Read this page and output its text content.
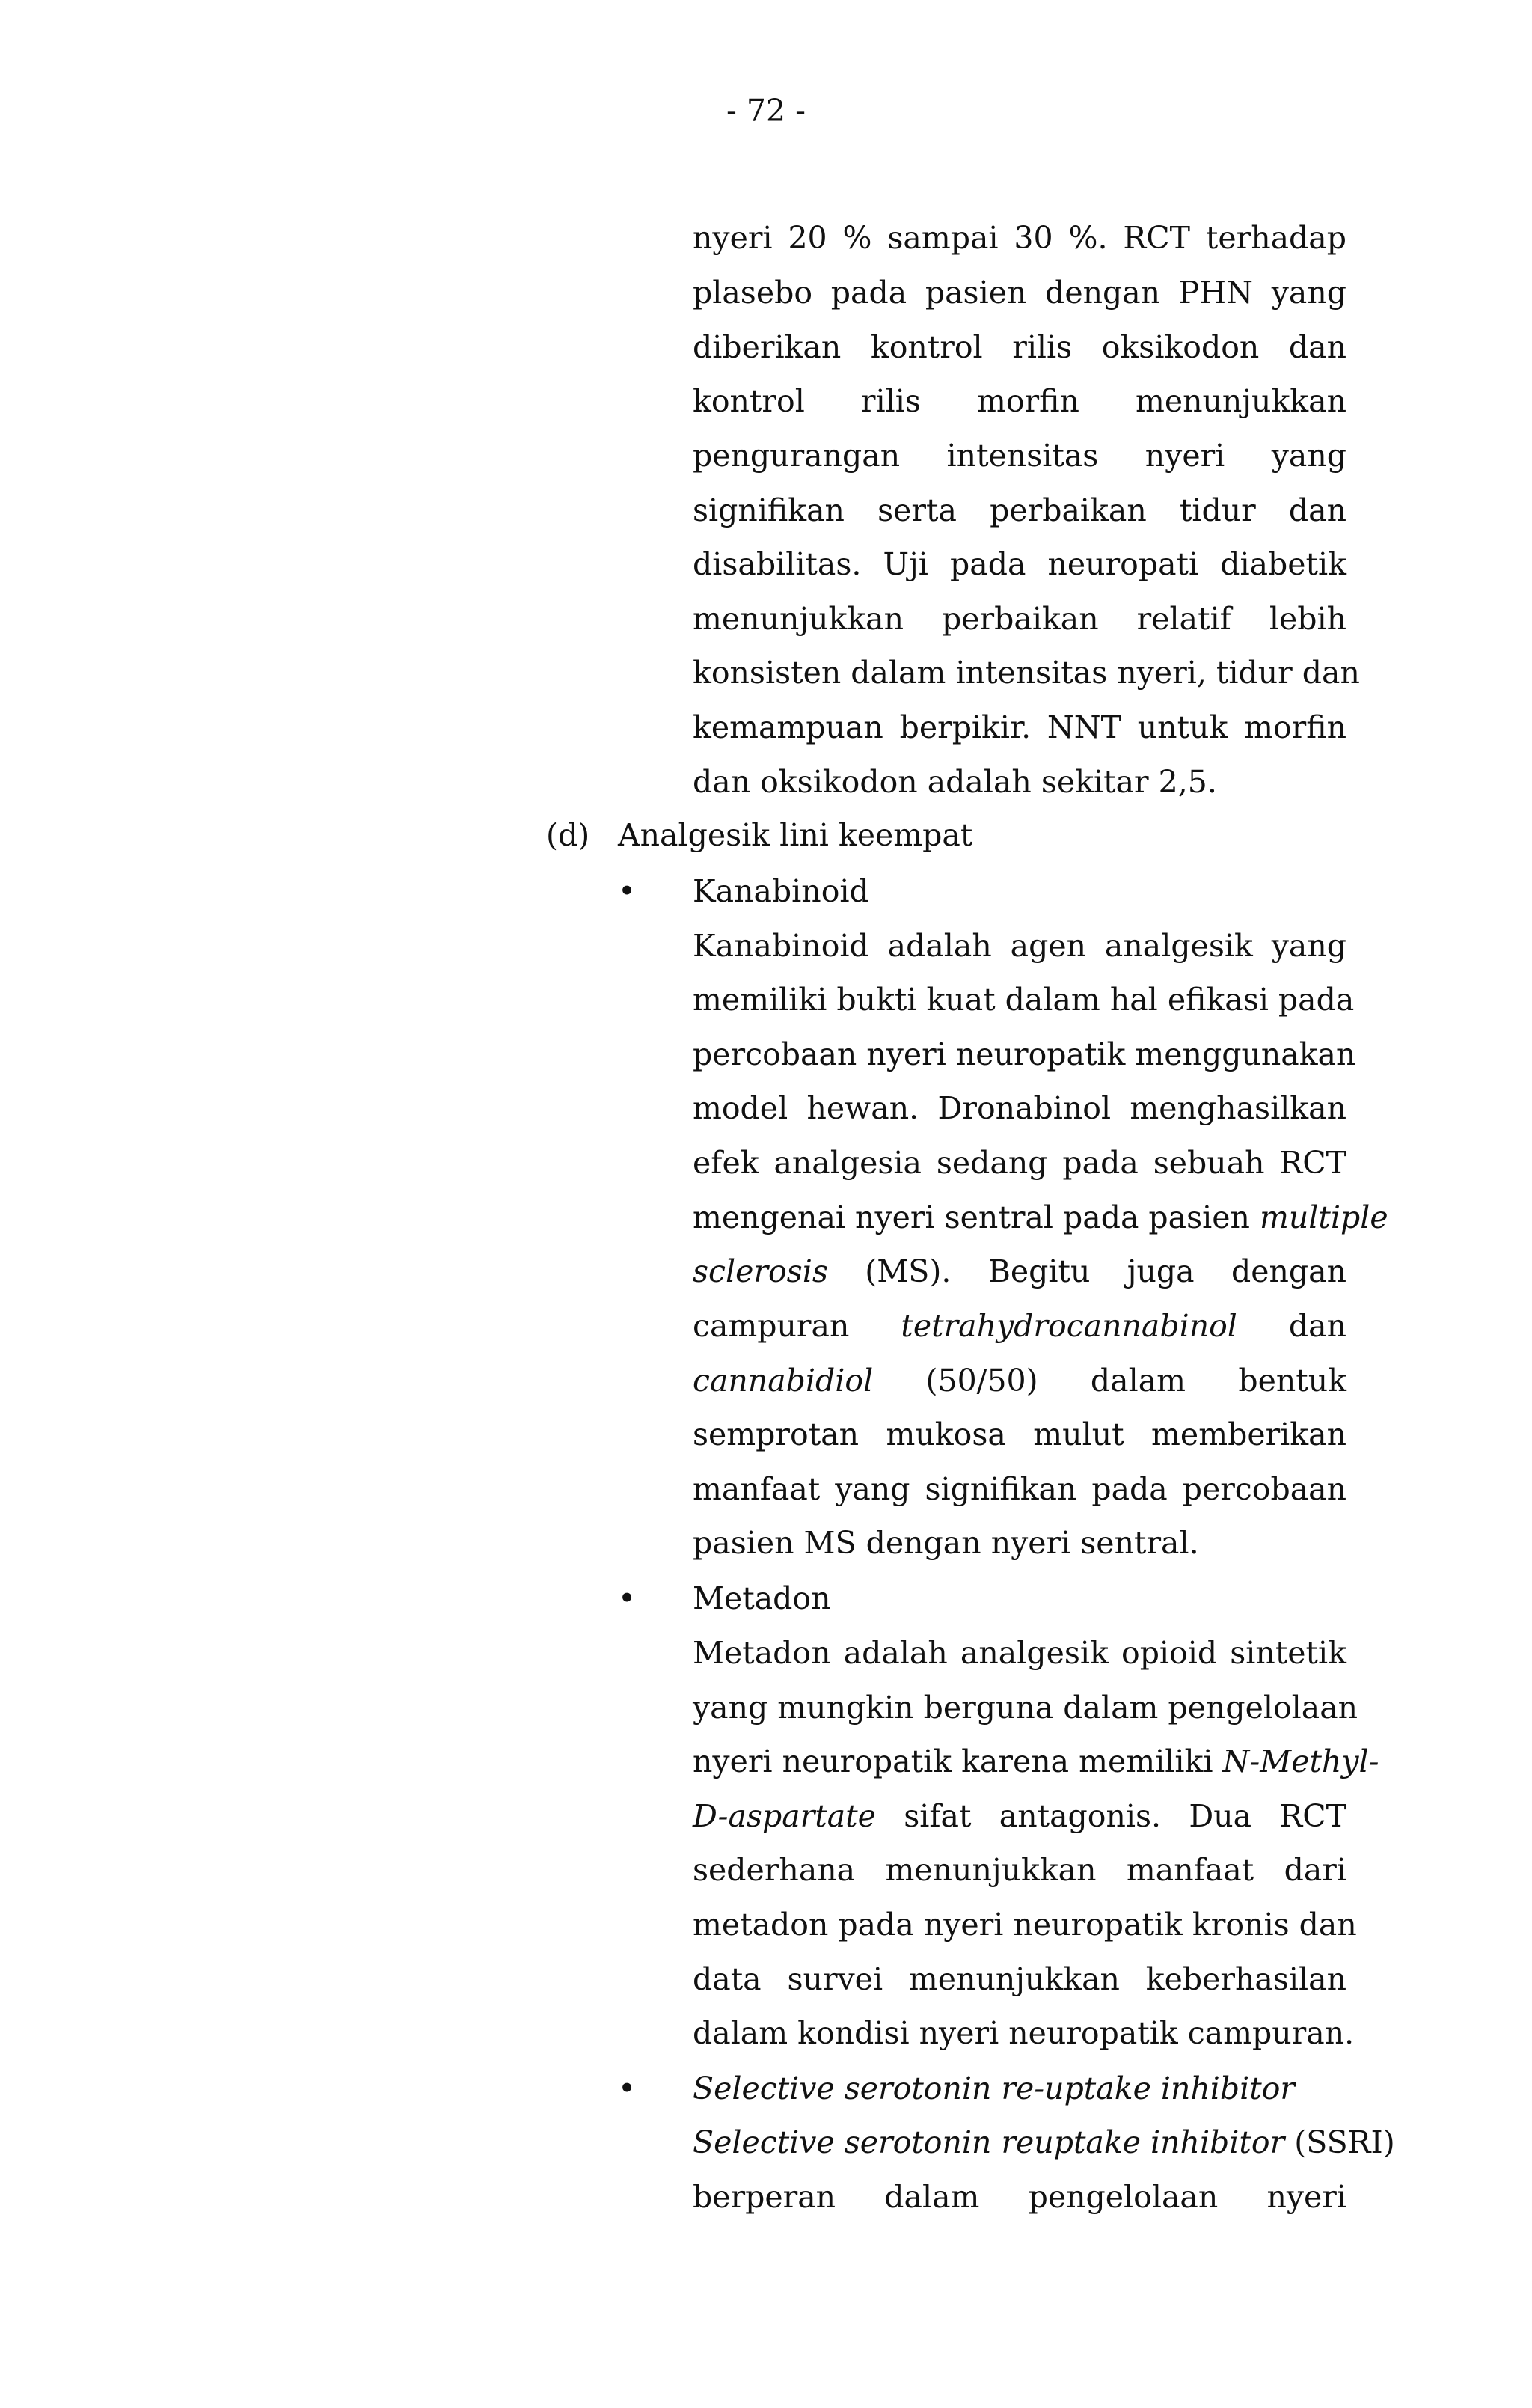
- 72 -
nyeri 20 % sampai 30 %. RCT terhadap
plasebo pada pasien dengan PHN yang
diberikan kontrol rilis oksikodon dan
kontrol rilis morfin menunjukkan
pengurangan intensitas nyeri yang
signifikan serta perbaikan tidur dan
disabilitas. Uji pada neuropati diabetik
menunjukkan perbaikan relatif lebih
konsisten dalam intensitas nyeri, tidur dan
kemampuan berpikir. NNT untuk morfin
dan oksikodon adalah sekitar 2,5.
(d) Analgesik lini keempat
• Kanabinoid
Kanabinoid adalah agen analgesik yang
memiliki bukti kuat dalam hal efikasi pada
percobaan nyeri neuropatik menggunakan
model hewan. Dronabinol menghasilkan
efek analgesia sedang pada sebuah RCT
mengenai nyeri sentral pada pasien multiple
sclerosis (MS). Begitu juga dengan
campuran tetrahydrocannabinol dan
cannabidiol (50/50) dalam bentuk
semprotan mukosa mulut memberikan
manfaat yang signifikan pada percobaan
pasien MS dengan nyeri sentral.
• Metadon
Metadon adalah analgesik opioid sintetik
yang mungkin berguna dalam pengelolaan
nyeri neuropatik karena memiliki N-Methyl-
D-aspartate sifat antagonis. Dua RCT
sederhana menunjukkan manfaat dari
metadon pada nyeri neuropatik kronis dan
data survei menunjukkan keberhasilan
dalam kondisi nyeri neuropatik campuran.
• Selective serotonin re-uptake inhibitor
Selective serotonin reuptake inhibitor (SSRI)
berperan dalam pengelolaan nyeri
